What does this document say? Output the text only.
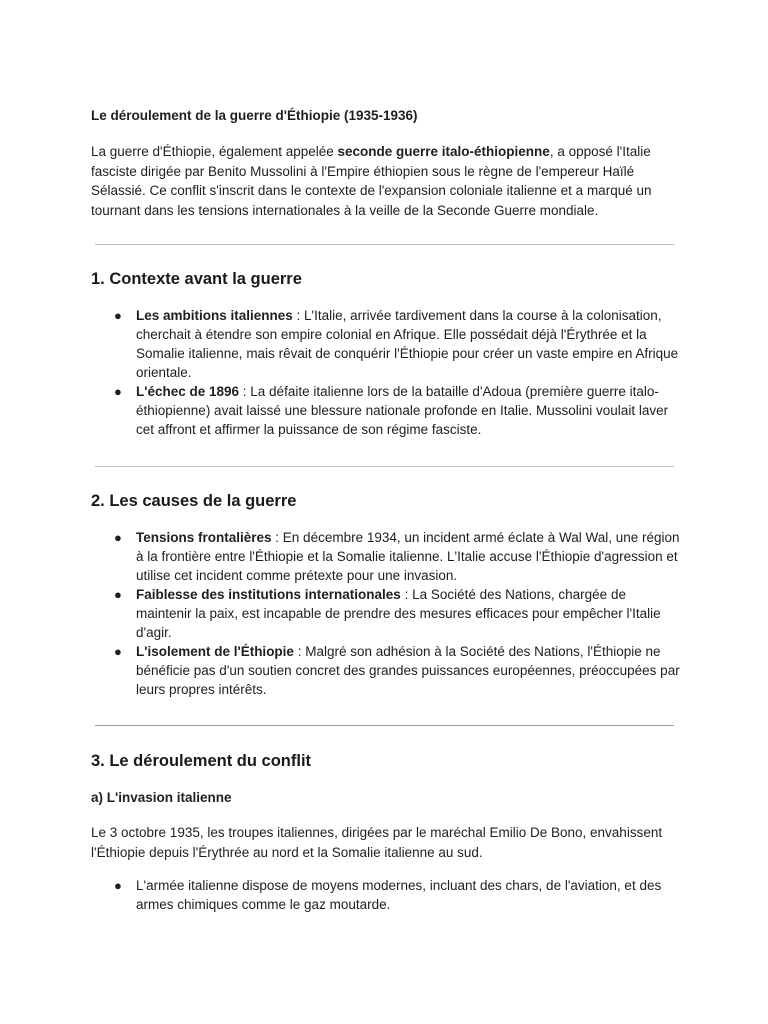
Le déroulement de la guerre d'Éthiopie (1935-1936)

La guerre d'Éthiopie, également appelée seconde guerre italo-éthiopienne, a opposé l'Italie fasciste dirigée par Benito Mussolini à l'Empire éthiopien sous le règne de l'empereur Haïlé Sélassié. Ce conflit s'inscrit dans le contexte de l'expansion coloniale italienne et a marqué un tournant dans les tensions internationales à la veille de la Seconde Guerre mondiale.

1. Contexte avant la guerre
● Les ambitions italiennes : L'Italie, arrivée tardivement dans la course à la colonisation, cherchait à étendre son empire colonial en Afrique. Elle possédait déjà l'Érythrée et la Somalie italienne, mais rêvait de conquérir l'Éthiopie pour créer un vaste empire en Afrique orientale.
● L'échec de 1896 : La défaite italienne lors de la bataille d'Adoua (première guerre italo-éthiopienne) avait laissé une blessure nationale profonde en Italie. Mussolini voulait laver cet affront et affirmer la puissance de son régime fasciste.
2. Les causes de la guerre
● Tensions frontalières : En décembre 1934, un incident armé éclate à Wal Wal, une région à la frontière entre l'Éthiopie et la Somalie italienne. L'Italie accuse l'Éthiopie d'agression et utilise cet incident comme prétexte pour une invasion.
● Faiblesse des institutions internationales : La Société des Nations, chargée de maintenir la paix, est incapable de prendre des mesures efficaces pour empêcher l'Italie d'agir.
● L'isolement de l'Éthiopie : Malgré son adhésion à la Société des Nations, l'Éthiopie ne bénéficie pas d'un soutien concret des grandes puissances européennes, préoccupées par leurs propres intérêts.
3. Le déroulement du conflit
a) L'invasion italienne

Le 3 octobre 1935, les troupes italiennes, dirigées par le maréchal Emilio De Bono, envahissent l'Éthiopie depuis l'Érythrée au nord et la Somalie italienne au sud.

● L'armée italienne dispose de moyens modernes, incluant des chars, de l'aviation, et des armes chimiques comme le gaz moutarde.
